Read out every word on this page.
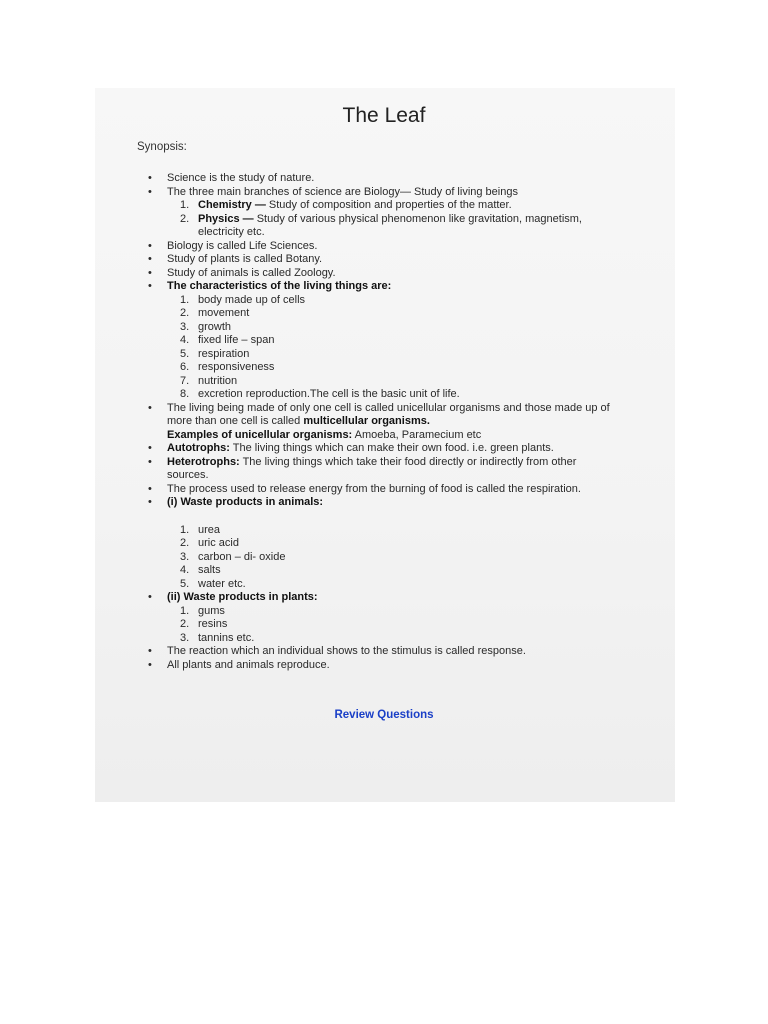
The Leaf
Synopsis:
• Science is the study of nature.
• The three main branches of science are Biology— Study of living beings
1. Chemistry — Study of composition and properties of the matter.
2. Physics — Study of various physical phenomenon like gravitation, magnetism, electricity etc.
• Biology is called Life Sciences.
• Study of plants is called Botany.
• Study of animals is called Zoology.
• The characteristics of the living things are:
1. body made up of cells
2. movement
3. growth
4. fixed life – span
5. respiration
6. responsiveness
7. nutrition
8. excretion reproduction.The cell is the basic unit of life.
• The living being made of only one cell is called unicellular organisms and those made up of more than one cell is called multicellular organisms.
Examples of unicellular organisms: Amoeba, Paramecium etc
• Autotrophs: The living things which can make their own food. i.e. green plants.
• Heterotrophs: The living things which take their food directly or indirectly from other sources.
• The process used to release energy from the burning of food is called the respiration.
• (i) Waste products in animals:
1. urea
2. uric acid
3. carbon – di- oxide
4. salts
5. water etc.
• (ii) Waste products in plants:
1. gums
2. resins
3. tannins etc.
• The reaction which an individual shows to the stimulus is called response.
• All plants and animals reproduce.
Review Questions
